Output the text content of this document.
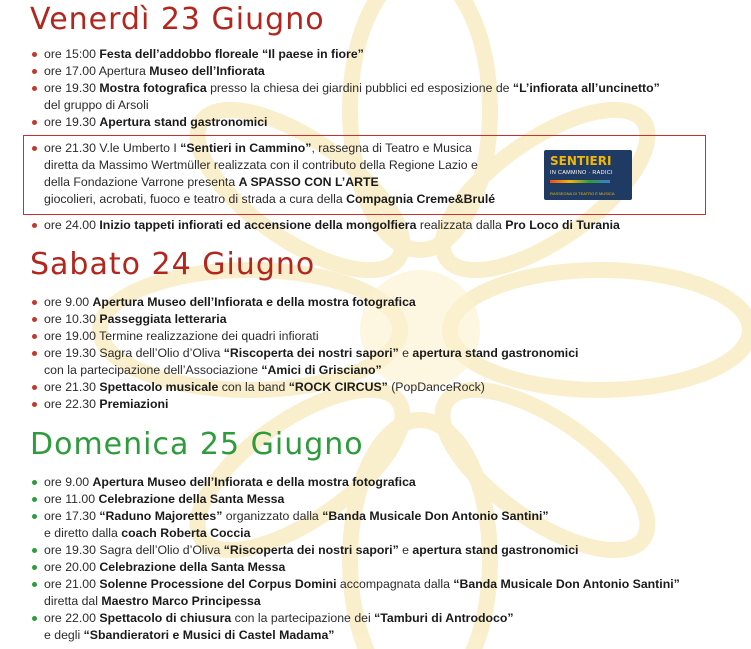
Venerdì 23 Giugno
ore 15:00 Festa dell’addobbo floreale “Il paese in fiore”
ore 17.00 Apertura Museo dell’Infiorata
ore 19.30 Mostra fotografica presso la chiesa dei giardini pubblici ed esposizione de “L’infiorata all’uncinetto”
del gruppo di Arsoli
ore 19.30 Apertura stand gastronomici
ore 21.30 V.le Umberto I “Sentieri in Cammino”, rassegna di Teatro e Musica
diretta da Massimo Wertmüller realizzata con il contributo della Regione Lazio e
della Fondazione Varrone presenta A SPASSO CON L’ARTE
giocolieri, acrobati, fuoco e teatro di strada a cura della Compagnia Creme&Brulé
SENTIERI
IN CAMMINO · RADICI
RASSEGNA DI TEATRO E MUSICA
ore 24.00 Inizio tappeti infiorati ed accensione della mongolfiera realizzata dalla Pro Loco di Turania
Sabato 24 Giugno
ore 9.00 Apertura Museo dell’Infiorata e della mostra fotografica
ore 10.30 Passeggiata letteraria
ore 19.00 Termine realizzazione dei quadri infiorati
ore 19.30 Sagra dell’Olio d’Oliva “Riscoperta dei nostri sapori” e apertura stand gastronomici
con la partecipazione dell’Associazione “Amici di Grisciano”
ore 21.30 Spettacolo musicale con la band “ROCK CIRCUS” (PopDanceRock)
ore 22.30 Premiazioni
Domenica 25 Giugno
ore 9.00 Apertura Museo dell’Infiorata e della mostra fotografica
ore 11.00 Celebrazione della Santa Messa
ore 17.30 “Raduno Majorettes” organizzato dalla “Banda Musicale Don Antonio Santini”
e diretto dalla coach Roberta Coccia
ore 19.30 Sagra dell’Olio d’Oliva “Riscoperta dei nostri sapori” e apertura stand gastronomici
ore 20.00 Celebrazione della Santa Messa
ore 21.00 Solenne Processione del Corpus Domini accompagnata dalla “Banda Musicale Don Antonio Santini”
diretta dal Maestro Marco Principessa
ore 22.00 Spettacolo di chiusura con la partecipazione dei “Tamburi di Antrodoco”
e degli “Sbandieratori e Musici di Castel Madama”
